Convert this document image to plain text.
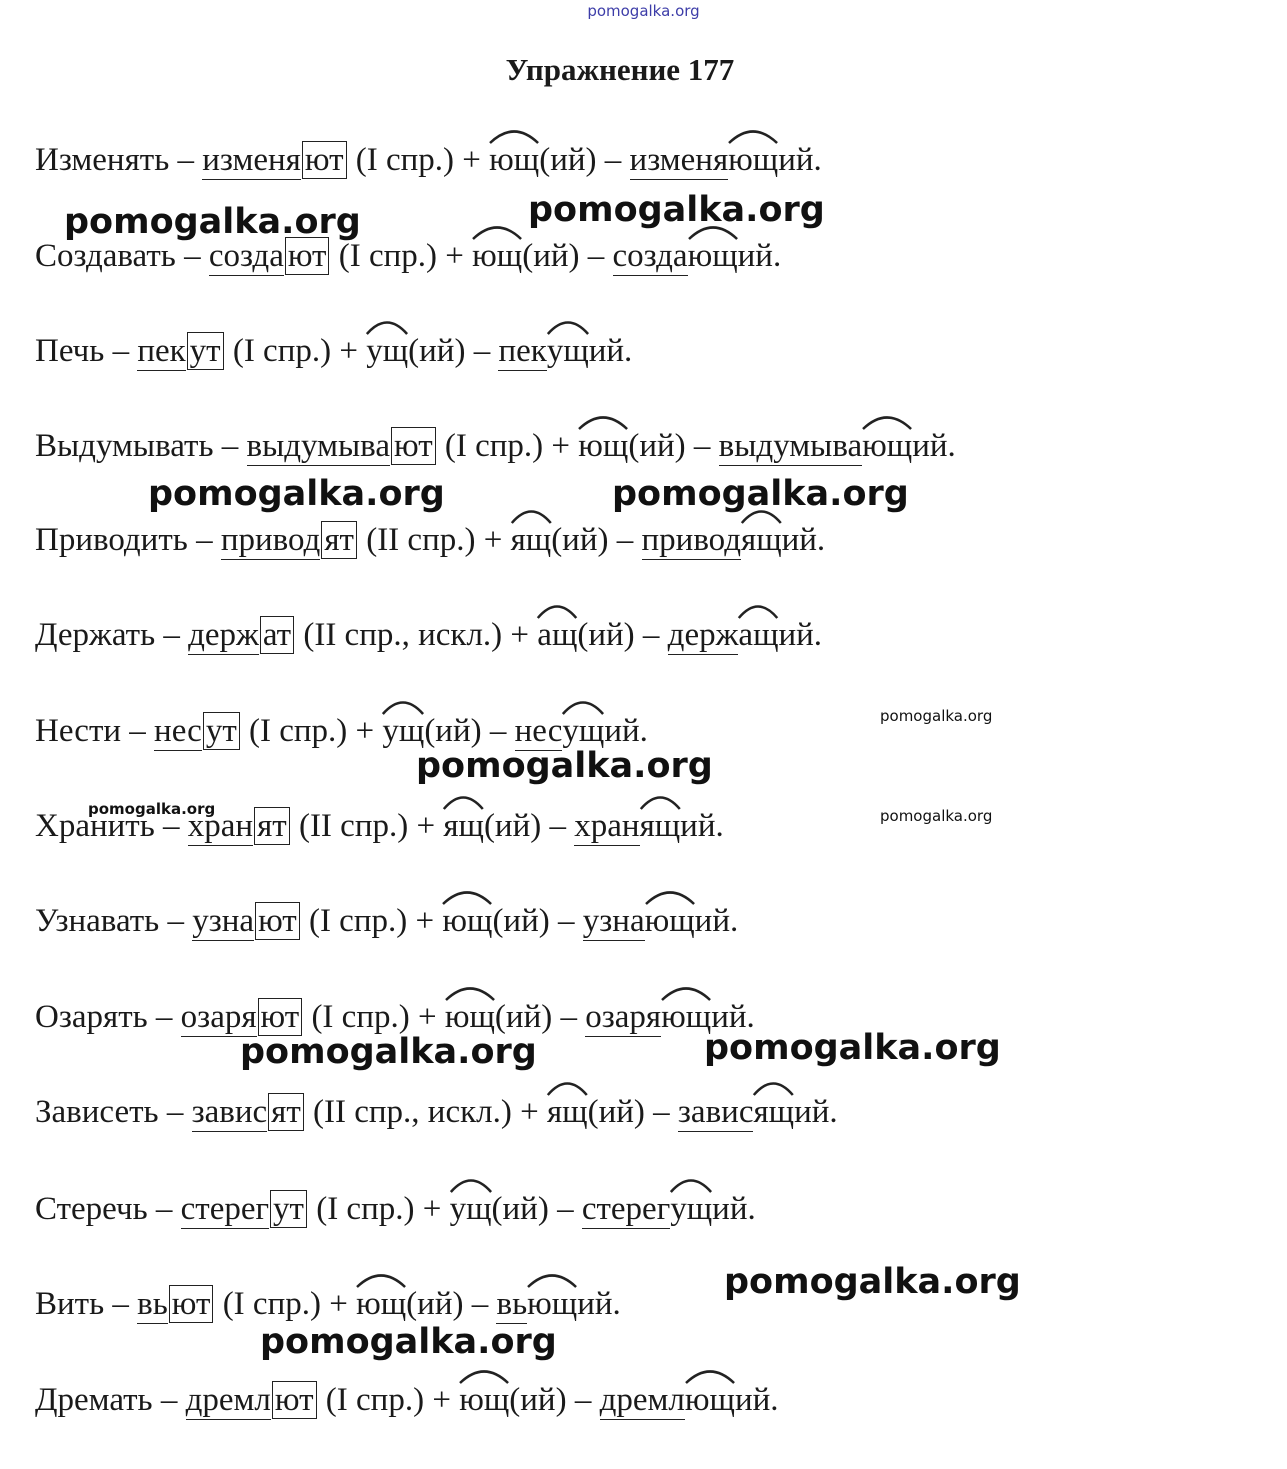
pomogalka.org
Упражнение 177
Изменять – изменя ют (I спр.) + ющ
(ий) – изменяющ
ий.
Создавать – созда ют (I спр.) + ющ
(ий) – создающ
ий.
Печь – пек ут (I спр.) + ущ
(ий) – пекущ
ий.
Выдумывать – выдумыва ют (I спр.) + ющ
(ий) – выдумывающ
ий.
Приводить – привод ят (II спр.) + ящ
(ий) – приводящ
ий.
Держать – держ ат (II спр., искл.) + ащ
(ий) – держащ
ий.
Нести – нес ут (I спр.) + ущ
(ий) – несущ
ий.
Хранить – хран ят (II спр.) + ящ
(ий) – хранящ
ий.
Узнавать – узна ют (I спр.) + ющ
(ий) – узнающ
ий.
Озарять – озаря ют (I спр.) + ющ
(ий) – озаряющ
ий.
Зависеть – завис ят (II спр., искл.) + ящ
(ий) – зависящ
ий.
Стеречь – стерег ут (I спр.) + ущ
(ий) – стерегущ
ий.
Вить – вь ют (I спр.) + ющ
(ий) – вьющ
ий.
Дремать – дремл ют (I спр.) + ющ
(ий) – дремлющ
ий.
pomogalka.org	pomogalka.org
pomogalka.org	pomogalka.org
pomogalka.org
pomogalka.org
pomogalka.org	pomogalka.org
pomogalka.org	pomogalka.org
pomogalka.org
pomogalka.org
